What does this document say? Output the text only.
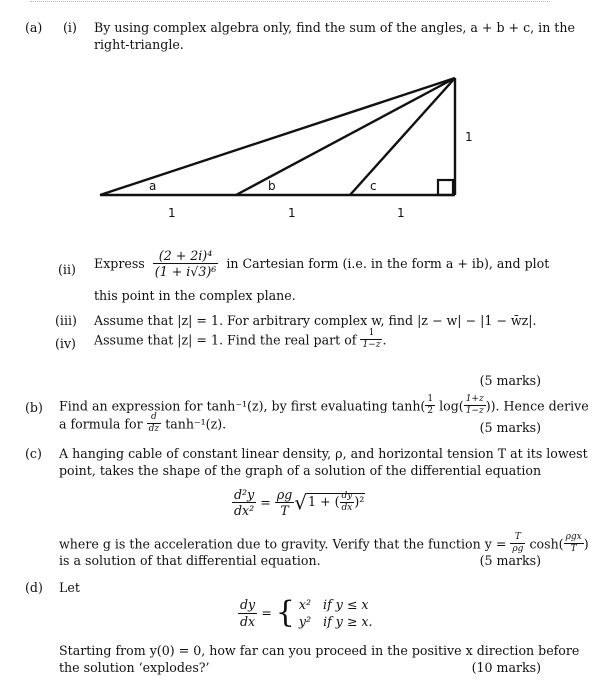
(a) (i) By using complex algebra only, find the sum of the angles, a + b + c, in the
right-triangle.
a	b	c
1	1	1
1
(ii) Express $\frac{\text{(2 + 2i)⁴}}{\text{(1 + i√3)⁶}}$ in Cartesian form (i.e. in the form a + ib), and plot
this point in the complex plane.
(iii) Assume that |z| = 1. For arbitrary complex w, find |z − w| − |1 − w̄z|.
(iv) Assume that |z| = 1. Find the real part of $\frac{1}{1-z}$ .
(5 marks)
(b) Find an expression for tanh⁻¹(z), by first evaluating $\tanh( \frac{1}{2} \log( \frac{1+z}{1-z}$ )). Hence derive
a formula for $\frac{d}{dz} \tanh^{-1}(z)$.	(5 marks)
(c) A hanging cable of constant linear density, ρ, and horizontal tension T at its lowest
point, takes the shape of the graph of a solution of the differential equation
$\frac{\text{d²y}}{\text{dx²}} = \frac{\rho g}{T} √1$ + ( $\frac{dy}{dx} )^2$
where g is the acceleration due to gravity. Verify that the function $y = \frac{T}{\rho g} \cosh( \frac{\text{ρgx}}{T}$ )
is a solution of that differential equation.	(5 marks)
(d) Let
$\frac{dy}{dx}$ = { x²   if y ≤ x
y²   if y ≥ x.
Starting from y(0) = 0, how far can you proceed in the positive x direction before
the solution ‘explodes?’	(10 marks)
